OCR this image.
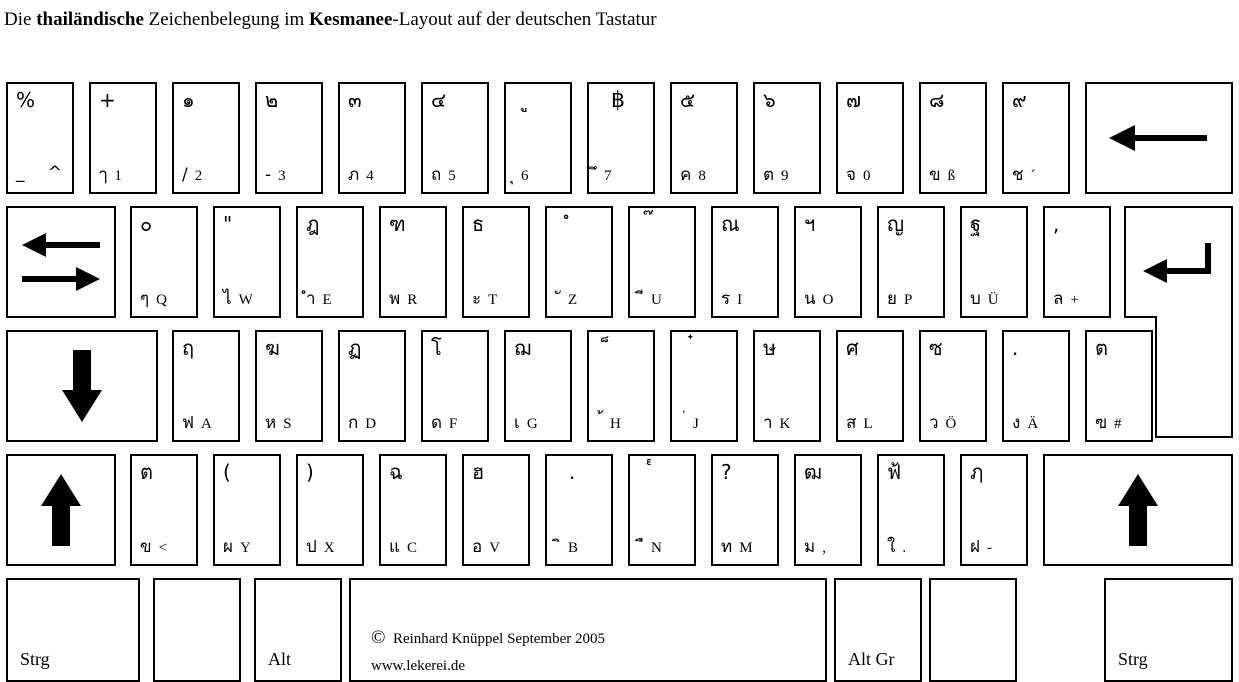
Die thailändische Zeichenbelegung im Kesmanee-Layout auf der deutschen Tastatur
%
_ ^
+
ๅ 1
๑
/ 2
๒
- 3
๓
ภ 4
๔
ถ 5	6
฿
7
๕
ค 8
๖
ต 9
๗
จ 0
๘
ข ß
๙
ช ´
๐
ๆ Q
"
ไ W
ฎ
ำ E
ฑ
พ R
ธ
ะ T	Z	U
ณ
ร I
ฯ
น O
ญ
ย P
ฐ
บ Ü
,
ล +
ฤ
ฟ A
ฆ
ห S
ฏ
ก D
โ
ด F
ฌ
เ G	H	J
ษ
า K
ศ
ส L
ซ
ว Ö
.
ง Ä
ต
ฃ #
ต
ข <
(
ผ Y
)
ป X
ฉ
แ C
ฮ
อ V
.
B	N
?
ท M
ฒ
ม ,
ฟ้
ใ .
ฦ
ฝ -
Strg	Alt
© Reinhard Knüppel September 2005
www.lekerei.de	Alt Gr	Strg
